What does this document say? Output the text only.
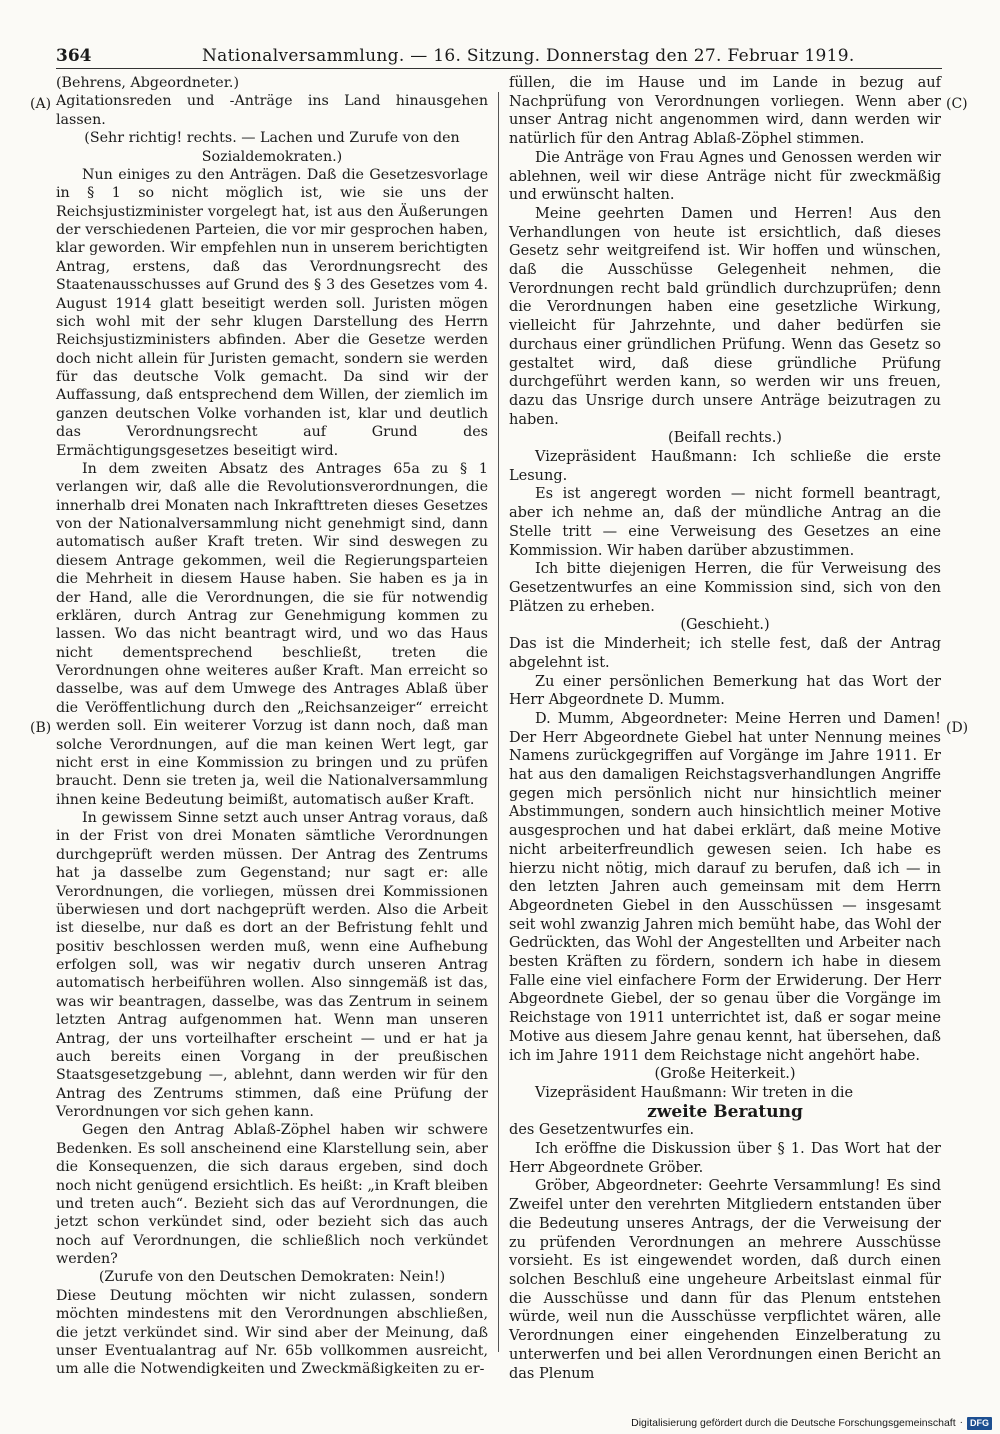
364	Nationalversammlung. — 16. Sitzung. Donnerstag den 27. Februar 1919.
(A)
(B)
(C)
(D)

(Behrens, Abgeordneter.)

Agitationsreden und -Anträge ins Land hinausgehen lassen.

(Sehr richtig! rechts. — Lachen und Zurufe von den Sozialdemokraten.)

Nun einiges zu den Anträgen. Daß die Gesetzesvorlage in § 1 so nicht möglich ist, wie sie uns der Reichsjustizminister vorgelegt hat, ist aus den Äußerungen der verschiedenen Parteien, die vor mir gesprochen haben, klar geworden. Wir empfehlen nun in unserem berichtigten Antrag, erstens, daß das Verordnungsrecht des Staatenausschusses auf Grund des § 3 des Gesetzes vom 4. August 1914 glatt beseitigt werden soll. Juristen mögen sich wohl mit der sehr klugen Darstellung des Herrn Reichsjustizministers abfinden. Aber die Gesetze werden doch nicht allein für Juristen gemacht, sondern sie werden für das deutsche Volk gemacht. Da sind wir der Auffassung, daß entsprechend dem Willen, der ziemlich im ganzen deutschen Volke vorhanden ist, klar und deutlich das Verordnungsrecht auf Grund des Ermächtigungsgesetzes beseitigt wird.

In dem zweiten Absatz des Antrages 65a zu § 1 verlangen wir, daß alle die Revolutionsverordnungen, die innerhalb drei Monaten nach Inkrafttreten dieses Gesetzes von der Nationalversammlung nicht genehmigt sind, dann automatisch außer Kraft treten. Wir sind deswegen zu diesem Antrage gekommen, weil die Regierungsparteien die Mehrheit in diesem Hause haben. Sie haben es ja in der Hand, alle die Verordnungen, die sie für notwendig erklären, durch Antrag zur Genehmigung kommen zu lassen. Wo das nicht beantragt wird, und wo das Haus nicht dementsprechend beschließt, treten die Verordnungen ohne weiteres außer Kraft. Man erreicht so dasselbe, was auf dem Umwege des Antrages Ablaß über die Veröffentlichung durch den „Reichsanzeiger“ erreicht werden soll. Ein weiterer Vorzug ist dann noch, daß man solche Verordnungen, auf die man keinen Wert legt, gar nicht erst in eine Kommission zu bringen und zu prüfen braucht. Denn sie treten ja, weil die Nationalversammlung ihnen keine Bedeutung beimißt, automatisch außer Kraft.

In gewissem Sinne setzt auch unser Antrag voraus, daß in der Frist von drei Monaten sämtliche Verordnungen durchgeprüft werden müssen. Der Antrag des Zentrums hat ja dasselbe zum Gegenstand; nur sagt er: alle Verordnungen, die vorliegen, müssen drei Kommissionen überwiesen und dort nachgeprüft werden. Also die Arbeit ist dieselbe, nur daß es dort an der Befristung fehlt und positiv beschlossen werden muß, wenn eine Aufhebung erfolgen soll, was wir negativ durch unseren Antrag automatisch herbeiführen wollen. Also sinngemäß ist das, was wir beantragen, dasselbe, was das Zentrum in seinem letzten Antrag aufgenommen hat. Wenn man unseren Antrag, der uns vorteilhafter erscheint — und er hat ja auch bereits einen Vorgang in der preußischen Staatsgesetzgebung —, ablehnt, dann werden wir für den Antrag des Zentrums stimmen, daß eine Prüfung der Verordnungen vor sich gehen kann.

Gegen den Antrag Ablaß-Zöphel haben wir schwere Bedenken. Es soll anscheinend eine Klarstellung sein, aber die Konsequenzen, die sich daraus ergeben, sind doch noch nicht genügend ersichtlich. Es heißt: „in Kraft bleiben und treten auch“. Bezieht sich das auf Verordnungen, die jetzt schon verkündet sind, oder bezieht sich das auch noch auf Verordnungen, die schließlich noch verkündet werden?

(Zurufe von den Deutschen Demokraten: Nein!)

Diese Deutung möchten wir nicht zulassen, sondern möchten mindestens mit den Verordnungen abschließen, die jetzt verkündet sind. Wir sind aber der Meinung, daß unser Eventualantrag auf Nr. 65b vollkommen ausreicht, um alle die Notwendigkeiten und Zweckmäßigkeiten zu er-

füllen, die im Hause und im Lande in bezug auf Nachprüfung von Verordnungen vorliegen. Wenn aber unser Antrag nicht angenommen wird, dann werden wir natürlich für den Antrag Ablaß-Zöphel stimmen.

Die Anträge von Frau Agnes und Genossen werden wir ablehnen, weil wir diese Anträge nicht für zweckmäßig und erwünscht halten.

Meine geehrten Damen und Herren! Aus den Verhandlungen von heute ist ersichtlich, daß dieses Gesetz sehr weitgreifend ist. Wir hoffen und wünschen, daß die Ausschüsse Gelegenheit nehmen, die Verordnungen recht bald gründlich durchzuprüfen; denn die Verordnungen haben eine gesetzliche Wirkung, vielleicht für Jahrzehnte, und daher bedürfen sie durchaus einer gründlichen Prüfung. Wenn das Gesetz so gestaltet wird, daß diese gründliche Prüfung durchgeführt werden kann, so werden wir uns freuen, dazu das Unsrige durch unsere Anträge beizutragen zu haben.

(Beifall rechts.)

Vizepräsident Haußmann: Ich schließe die erste Lesung.

Es ist angeregt worden — nicht formell beantragt, aber ich nehme an, daß der mündliche Antrag an die Stelle tritt — eine Verweisung des Gesetzes an eine Kommission. Wir haben darüber abzustimmen.

Ich bitte diejenigen Herren, die für Verweisung des Gesetzentwurfes an eine Kommission sind, sich von den Plätzen zu erheben.

(Geschieht.)

Das ist die Minderheit; ich stelle fest, daß der Antrag abgelehnt ist.

Zu einer persönlichen Bemerkung hat das Wort der Herr Abgeordnete D. Mumm.

D. Mumm, Abgeordneter: Meine Herren und Damen! Der Herr Abgeordnete Giebel hat unter Nennung meines Namens zurückgegriffen auf Vorgänge im Jahre 1911. Er hat aus den damaligen Reichstagsverhandlungen Angriffe gegen mich persönlich nicht nur hinsichtlich meiner Abstimmungen, sondern auch hinsichtlich meiner Motive ausgesprochen und hat dabei erklärt, daß meine Motive nicht arbeiterfreundlich gewesen seien. Ich habe es hierzu nicht nötig, mich darauf zu berufen, daß ich — in den letzten Jahren auch gemeinsam mit dem Herrn Abgeordneten Giebel in den Ausschüssen — insgesamt seit wohl zwanzig Jahren mich bemüht habe, das Wohl der Gedrückten, das Wohl der Angestellten und Arbeiter nach besten Kräften zu fördern, sondern ich habe in diesem Falle eine viel einfachere Form der Erwiderung. Der Herr Abgeordnete Giebel, der so genau über die Vorgänge im Reichstage von 1911 unterrichtet ist, daß er sogar meine Motive aus diesem Jahre genau kennt, hat übersehen, daß ich im Jahre 1911 dem Reichstage nicht angehört habe.

(Große Heiterkeit.)

Vizepräsident Haußmann: Wir treten in die

zweite Beratung

des Gesetzentwurfes ein.

Ich eröffne die Diskussion über § 1. Das Wort hat der Herr Abgeordnete Gröber.

Gröber, Abgeordneter: Geehrte Versammlung! Es sind Zweifel unter den verehrten Mitgliedern entstanden über die Bedeutung unseres Antrags, der die Verweisung der zu prüfenden Verordnungen an mehrere Ausschüsse vorsieht. Es ist eingewendet worden, daß durch einen solchen Beschluß eine ungeheure Arbeitslast einmal für die Ausschüsse und dann für das Plenum entstehen würde, weil nun die Ausschüsse verpflichtet wären, alle Verordnungen einer eingehenden Einzelberatung zu unterwerfen und bei allen Verordnungen einen Bericht an das Plenum

Digitalisierung gefördert durch die Deutsche Forschungsgemeinschaft · DFG
